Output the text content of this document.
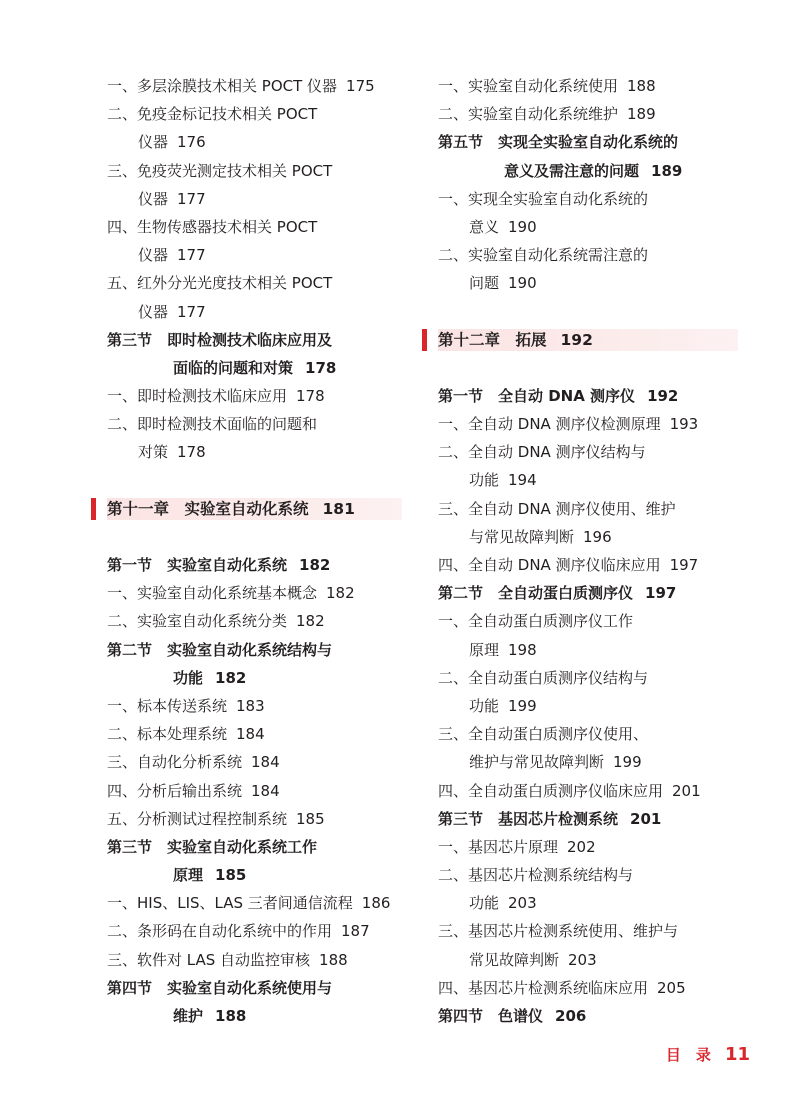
一、多层涂膜技术相关 POCT 仪器 175
二、免疫金标记技术相关 POCT
仪器 176
三、免疫荧光测定技术相关 POCT
仪器 177
四、生物传感器技术相关 POCT
仪器 177
五、红外分光光度技术相关 POCT
仪器 177
第三节　即时检测技术临床应用及
面临的问题和对策 178
一、即时检测技术临床应用 178
二、即时检测技术面临的问题和
对策 178
第十一章　实验室自动化系统 181
第一节　实验室自动化系统 182
一、实验室自动化系统基本概念 182
二、实验室自动化系统分类 182
第二节　实验室自动化系统结构与
功能 182
一、标本传送系统 183
二、标本处理系统 184
三、自动化分析系统 184
四、分析后输出系统 184
五、分析测试过程控制系统 185
第三节　实验室自动化系统工作
原理 185
一、HIS、LIS、LAS 三者间通信流程 186
二、条形码在自动化系统中的作用 187
三、软件对 LAS 自动监控审核 188
第四节　实验室自动化系统使用与
维护 188
一、实验室自动化系统使用 188
二、实验室自动化系统维护 189
第五节　实现全实验室自动化系统的
意义及需注意的问题 189
一、实现全实验室自动化系统的
意义 190
二、实验室自动化系统需注意的
问题 190
第十二章　拓展 192
第一节　全自动 DNA 测序仪 192
一、全自动 DNA 测序仪检测原理 193
二、全自动 DNA 测序仪结构与
功能 194
三、全自动 DNA 测序仪使用、维护
与常见故障判断 196
四、全自动 DNA 测序仪临床应用 197
第二节　全自动蛋白质测序仪 197
一、全自动蛋白质测序仪工作
原理 198
二、全自动蛋白质测序仪结构与
功能 199
三、全自动蛋白质测序仪使用、
维护与常见故障判断 199
四、全自动蛋白质测序仪临床应用 201
第三节　基因芯片检测系统 201
一、基因芯片原理 202
二、基因芯片检测系统结构与
功能 203
三、基因芯片检测系统使用、维护与
常见故障判断 203
四、基因芯片检测系统临床应用 205
第四节　色谱仪 206
目　录 11
